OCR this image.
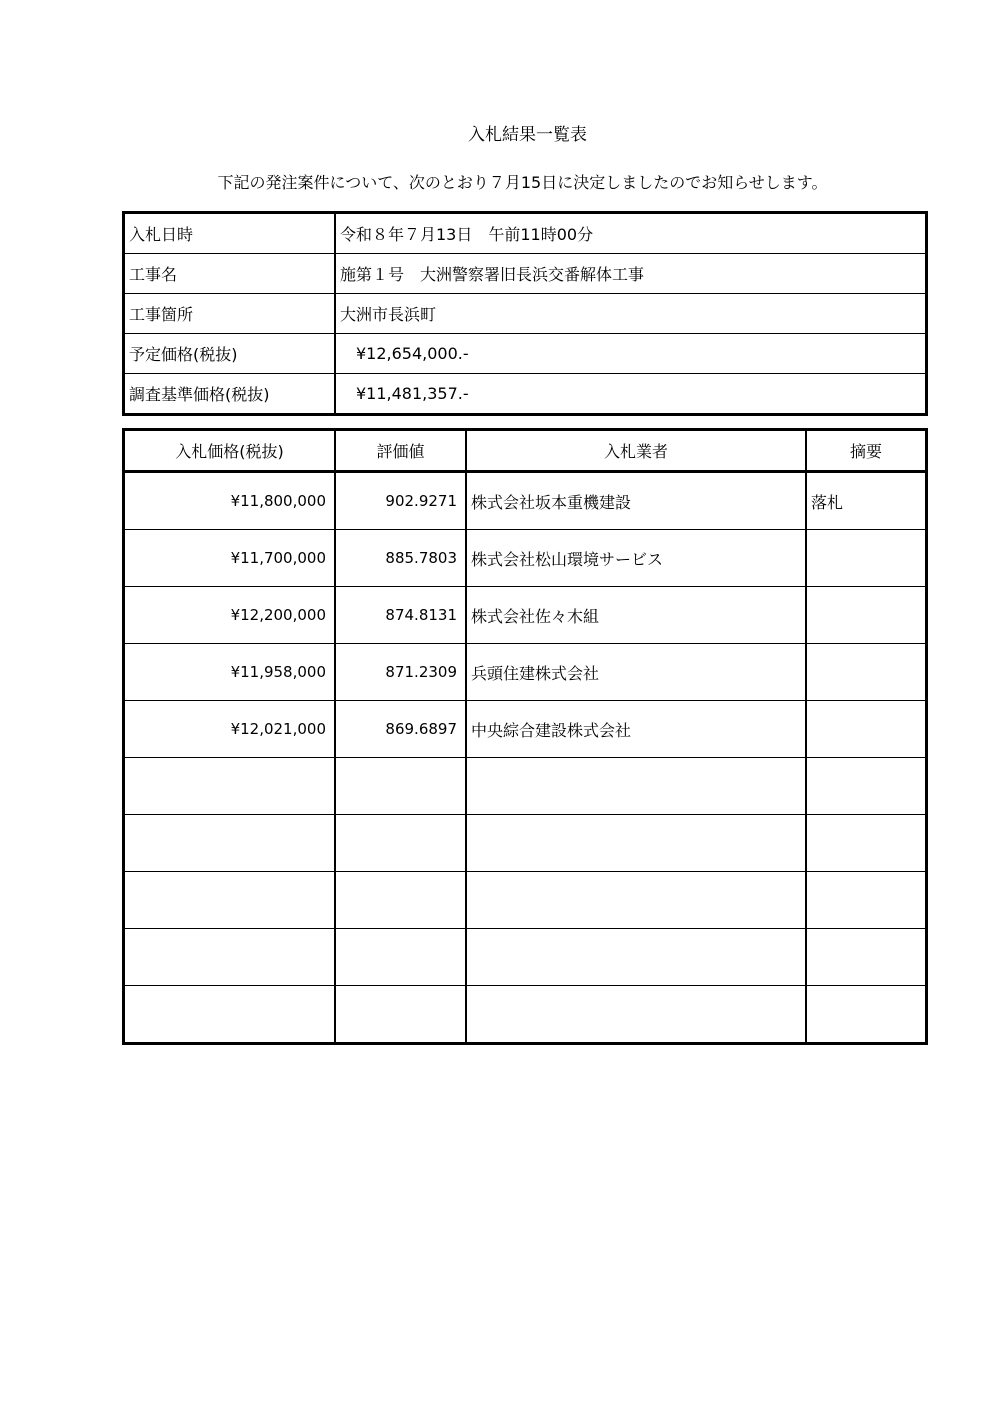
入札結果一覧表
下記の発注案件について、次のとおり７月15日に決定しましたのでお知らせします。
入札日時	令和８年７月13日　午前11時00分
工事名	施第１号　大洲警察署旧長浜交番解体工事
工事箇所	大洲市長浜町
予定価格(税抜)	¥12,654,000.-
調査基準価格(税抜)	¥11,481,357.-
入札価格(税抜)	評価値	入札業者	摘要
¥11,800,000	902.9271	株式会社坂本重機建設	落札
¥11,700,000	885.7803	株式会社松山環境サービス	
¥12,200,000	874.8131	株式会社佐々木組	
¥11,958,000	871.2309	兵頭住建株式会社	
¥12,021,000	869.6897	中央綜合建設株式会社	
